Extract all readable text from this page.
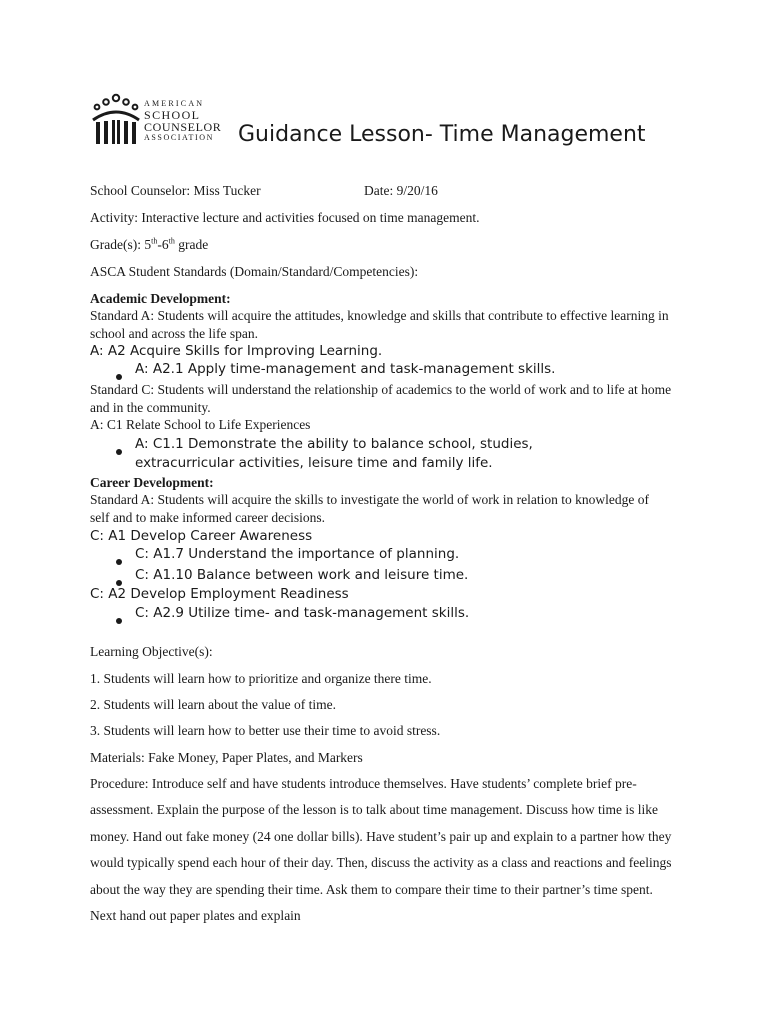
AMERICAN
SCHOOL
COUNSELOR
ASSOCIATION Guidance Lesson- Time Management
School Counselor: Miss Tucker	Date: 9/20/16
Activity: Interactive lecture and activities focused on time management.
Grade(s): 5th-6th grade
ASCA Student Standards (Domain/Standard/Competencies):
Academic Development:
Standard A: Students will acquire the attitudes, knowledge and skills that contribute to effective learning in school and across the life span.
A: A2 Acquire Skills for Improving Learning.
A: A2.1 Apply time-management and task-management skills.
Standard C: Students will understand the relationship of academics to the world of work and to life at home and in the community.
A: C1 Relate School to Life Experiences
A: C1.1 Demonstrate the ability to balance school, studies, extracurricular activities, leisure time and family life.
Career Development:
Standard A: Students will acquire the skills to investigate the world of work in relation to knowledge of self and to make informed career decisions.
C: A1 Develop Career Awareness
C: A1.7 Understand the importance of planning.
C: A1.10 Balance between work and leisure time.
C: A2 Develop Employment Readiness
C: A2.9 Utilize time- and task-management skills.
Learning Objective(s):
1. Students will learn how to prioritize and organize there time.
2. Students will learn about the value of time.
3. Students will learn how to better use their time to avoid stress.
Materials: Fake Money, Paper Plates, and Markers
Procedure: Introduce self and have students introduce themselves. Have students’ complete brief pre-assessment. Explain the purpose of the lesson is to talk about time management. Discuss how time is like money. Hand out fake money (24 one dollar bills). Have student’s pair up and explain to a partner how they would typically spend each hour of their day. Then, discuss the activity as a class and reactions and feelings about the way they are spending their time. Ask them to compare their time to their partner’s time spent. Next hand out paper plates and explain
